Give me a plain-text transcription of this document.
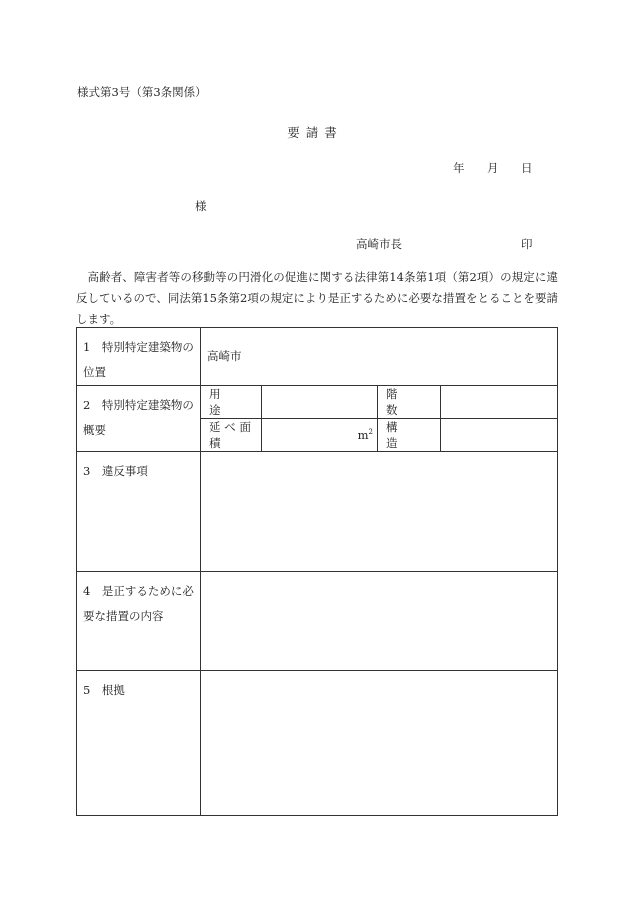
様式第3号（第3条関係）
要請書
年 月 日
様
高崎市長	印
高齢者、障害者等の移動等の円滑化の促進に関する法律第14条第1項（第2項）の規定に違反しているので、同法第15条第2項の規定により是正するために必要な措置をとることを要請します。
1　特別特定建築物の位置	高崎市			
2　特別特定建築物の概要	用　　途		階　　数	
	延べ面積	$m^2$	構　　造	
3　違反事項				
4　是正するために必要な措置の内容				
5　根拠				
